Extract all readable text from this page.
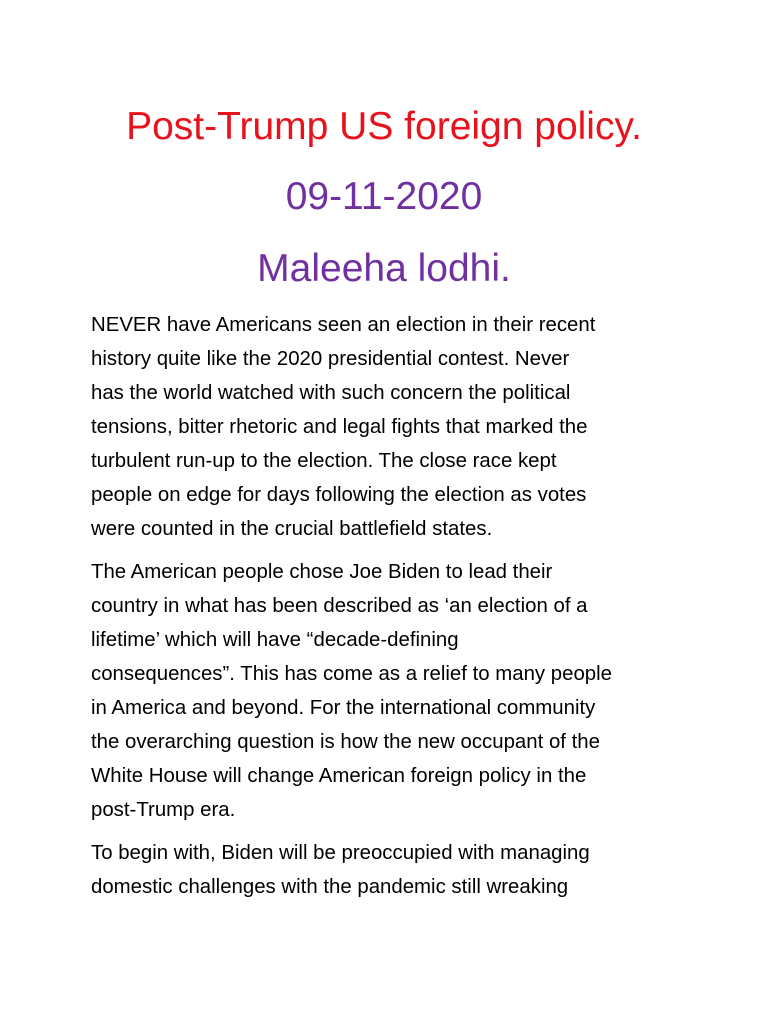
Post-Trump US foreign policy.
09-11-2020
Maleeha lodhi.

NEVER have Americans seen an election in their recent
history quite like the 2020 presidential contest. Never
has the world watched with such concern the political
tensions, bitter rhetoric and legal fights that marked the
turbulent run-up to the election. The close race kept
people on edge for days following the election as votes
were counted in the crucial battlefield states.

The American people chose Joe Biden to lead their
country in what has been described as ‘an election of a
lifetime’ which will have “decade-defining
consequences”. This has come as a relief to many people
in America and beyond. For the international community
the overarching question is how the new occupant of the
White House will change American foreign policy in the
post-Trump era.

To begin with, Biden will be preoccupied with managing
domestic challenges with the pandemic still wreaking
